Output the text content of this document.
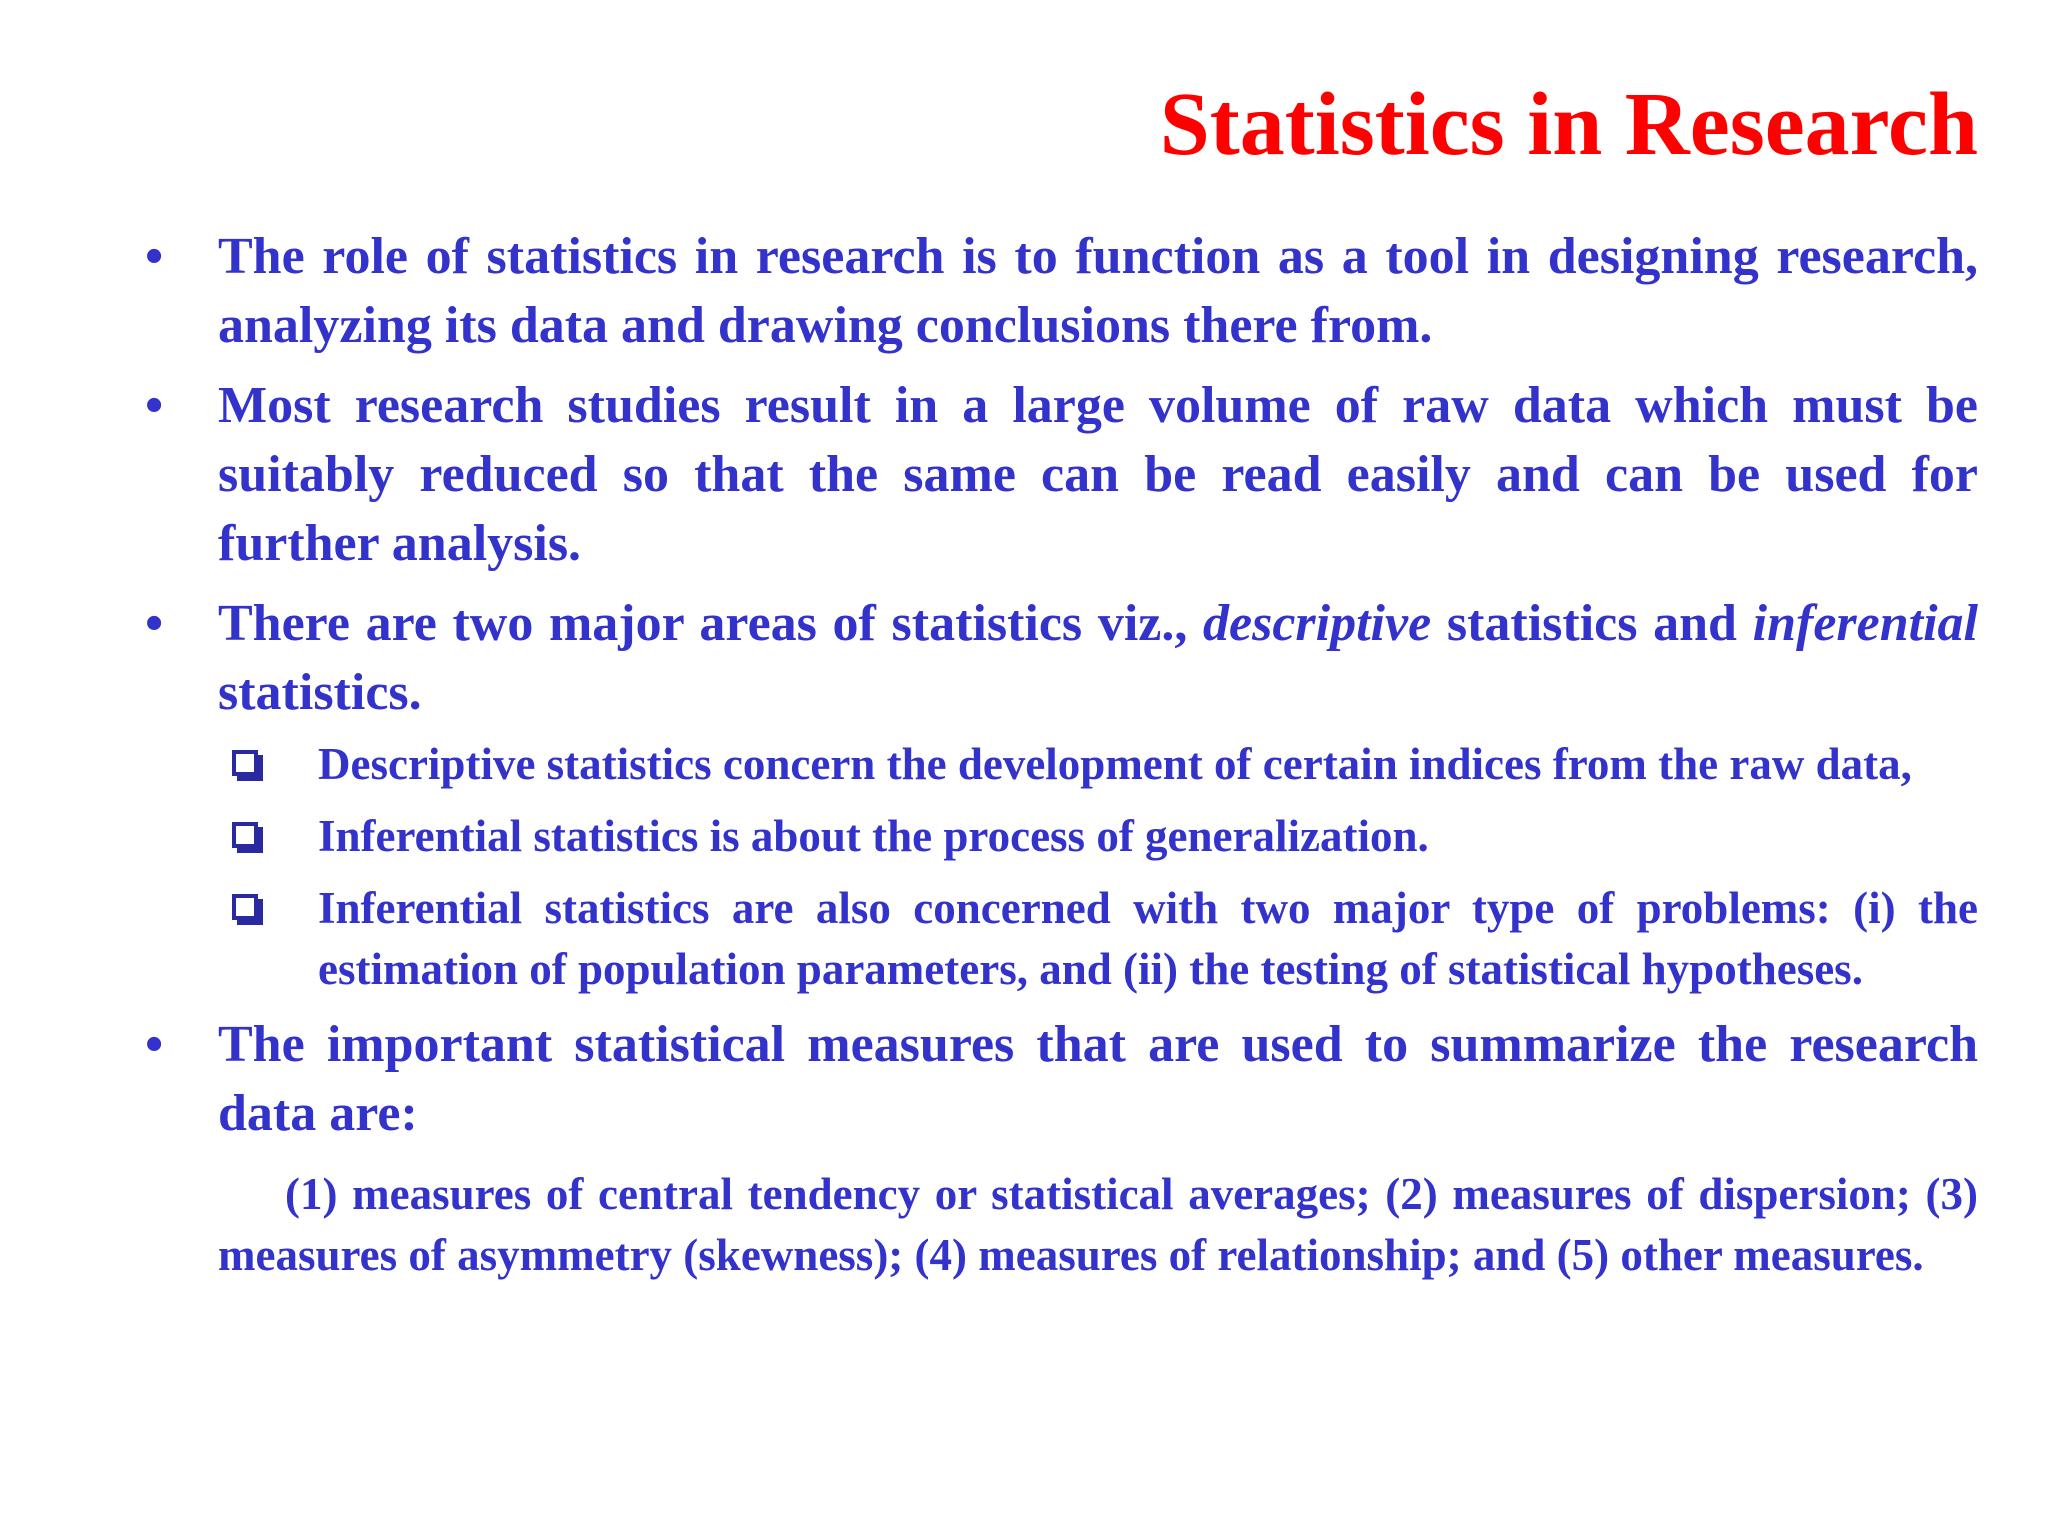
Statistics in Research

•	The role of statistics in research is to function as a tool in designing research, analyzing its data and drawing conclusions there from.

•	Most research studies result in a large volume of raw data which must be suitably reduced so that the same can be read easily and can be used for further analysis.

•	There are two major areas of statistics viz., descriptive statistics and inferential statistics.

Descriptive statistics concern the development of certain indices from the raw data,

Inferential statistics is about the process of generalization.

Inferential statistics are also concerned with two major type of problems: (i) the estimation of population parameters, and (ii) the testing of statistical hypotheses.

•	The important statistical measures that are used to summarize the research data are:

(1) measures of central tendency or statistical averages; (2) measures of dispersion; (3) measures of asymmetry (skewness); (4) measures of relationship; and (5) other measures.
